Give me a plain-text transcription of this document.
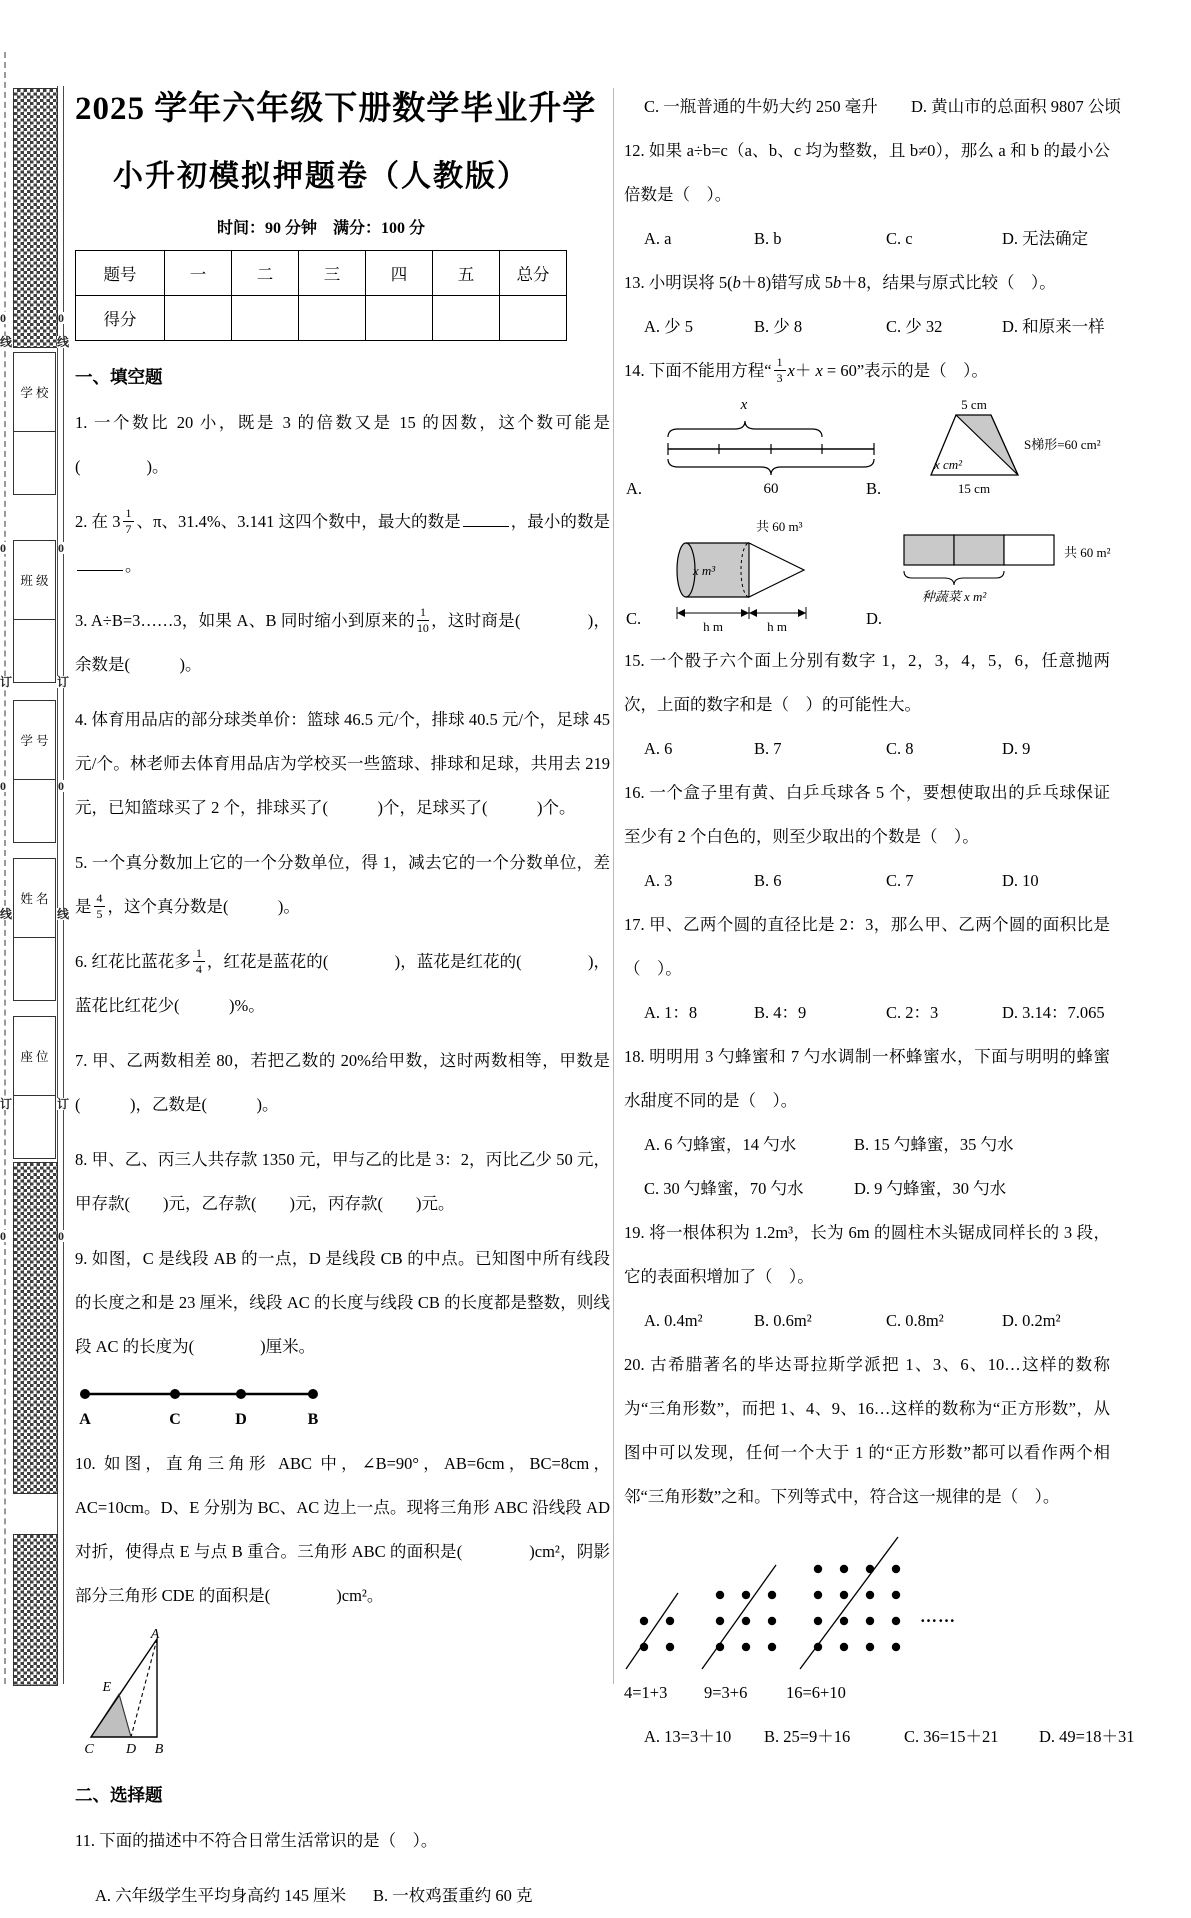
学 校
班 级
学 号
姓 名
座 位
0	0
线	线
0	0
订	订
0	0
线	线
订	订
0	0
2025 学年六年级下册数学毕业升学
小升初模拟押题卷（人教版）
时间：90 分钟　满分：100 分
题号	一	二	三	四	五	总分
得分						
一、填空题
1. 一个数比 20 小，既是 3 的倍数又是 15 的因数，这个数可能是(　　　　)。
2. 在 $3 \frac{1}{7}$ 、π、31.4%、3.141 这四个数中，最大的数是	，最小的数是。
3. A÷B=3……3，如果 A、B 同时缩小到原来的 $\frac{1}{10}$ ，这时商是(　　　　)，余数是(　　　)。
4. 体育用品店的部分球类单价：篮球 46.5 元/个，排球 40.5 元/个，足球 45 元/个。林老师去体育用品店为学校买一些篮球、排球和足球，共用去 219 元，已知篮球买了 2 个，排球买了(　　　)个，足球买了(　　　)个。
5. 一个真分数加上它的一个分数单位，得 1，减去它的一个分数单位，差是 $\frac{4}{5}$ ，这个真分数是(　　　)。
6. 红花比蓝花多 $\frac{1}{4}$ ，红花是蓝花的(　　　　)，蓝花是红花的(　　　　)，蓝花比红花少(　　　)%。
7. 甲、乙两数相差 80，若把乙数的 20%给甲数，这时两数相等，甲数是(　　　)，乙数是(　　　)。
8. 甲、乙、丙三人共存款 1350 元，甲与乙的比是 3：2，丙比乙少 50 元，甲存款(　　)元，乙存款(　　)元，丙存款(　　)元。
9. 如图，C 是线段 AB 的一点，D 是线段 CB 的中点。已知图中所有线段的长度之和是 23 厘米，线段 AC 的长度与线段 CB 的长度都是整数，则线段 AC 的长度为(　　　　)厘米。
A	C	D	B
10. 如图，直角三角形 ABC 中，∠B=90°，AB=6cm，BC=8cm，AC=10cm。D、E 分别为 BC、AC 边上一点。现将三角形 ABC 沿线段 AD 对折，使得点 E 与点 B 重合。三角形 ABC 的面积是(　　　　)cm²，阴影部分三角形 CDE 的面积是(　　　　)cm²。
A
B
C D
E
二、选择题
11. 下面的描述中不符合日常生活常识的是（　）。
A. 六年级学生平均身高约 145 厘米	B. 一枚鸡蛋重约 60 克
C. 一瓶普通的牛奶大约 250 毫升	D. 黄山市的总面积 9807 公顷
12. 如果 a÷b=c（a、b、c 均为整数，且 b≠0），那么 a 和 b 的最小公倍数是（　）。
A. a	B. b	C. c	D. 无法确定
13. 小明误将 5(b＋8)错写成 5b＋8，结果与原式比较（　）。
A. 少 5	B. 少 8	C. 少 32	D. 和原来一样
14. 下面不能用方程“ $\frac{1}{3} x+ x = 60$”表示的是（　）。
x
60
A.
5 cm
x cm²
S梯形=60 cm²
15 cm
B.
共 60 m³
x m³
h m	h m
C.
共 60 m²
种蔬菜 x m²
D.
15. 一个骰子六个面上分别有数字 1，2，3，4，5，6，任意抛两次，上面的数字和是（　）的可能性大。
A. 6	B. 7	C. 8	D. 9
16. 一个盒子里有黄、白乒乓球各 5 个，要想使取出的乒乓球保证至少有 2 个白色的，则至少取出的个数是（　）。
A. 3	B. 6	C. 7	D. 10
17. 甲、乙两个圆的直径比是 2：3，那么甲、乙两个圆的面积比是（　）。
A. 1：8	B. 4：9	C. 2：3	D. 3.14：7.065
18. 明明用 3 勺蜂蜜和 7 勺水调制一杯蜂蜜水，下面与明明的蜂蜜水甜度不同的是（　）。
A. 6 勺蜂蜜，14 勺水	B. 15 勺蜂蜜，35 勺水
C. 30 勺蜂蜜，70 勺水	D. 9 勺蜂蜜，30 勺水
19. 将一根体积为 1.2m³，长为 6m 的圆柱木头锯成同样长的 3 段，它的表面积增加了（　）。
A. 0.4m²	B. 0.6m²	C. 0.8m²	D. 0.2m²
20. 古希腊著名的毕达哥拉斯学派把 1、3、6、10…这样的数称为“三角形数”，而把 1、4、9、16…这样的数称为“正方形数”，从图中可以发现，任何一个大于 1 的“正方形数”都可以看作两个相邻“三角形数”之和。下列等式中，符合这一规律的是（　）。
……
4=1+3	9=3+6	16=6+10
A. 13=3＋10	B. 25=9＋16	C. 36=15＋21	D. 49=18＋31
